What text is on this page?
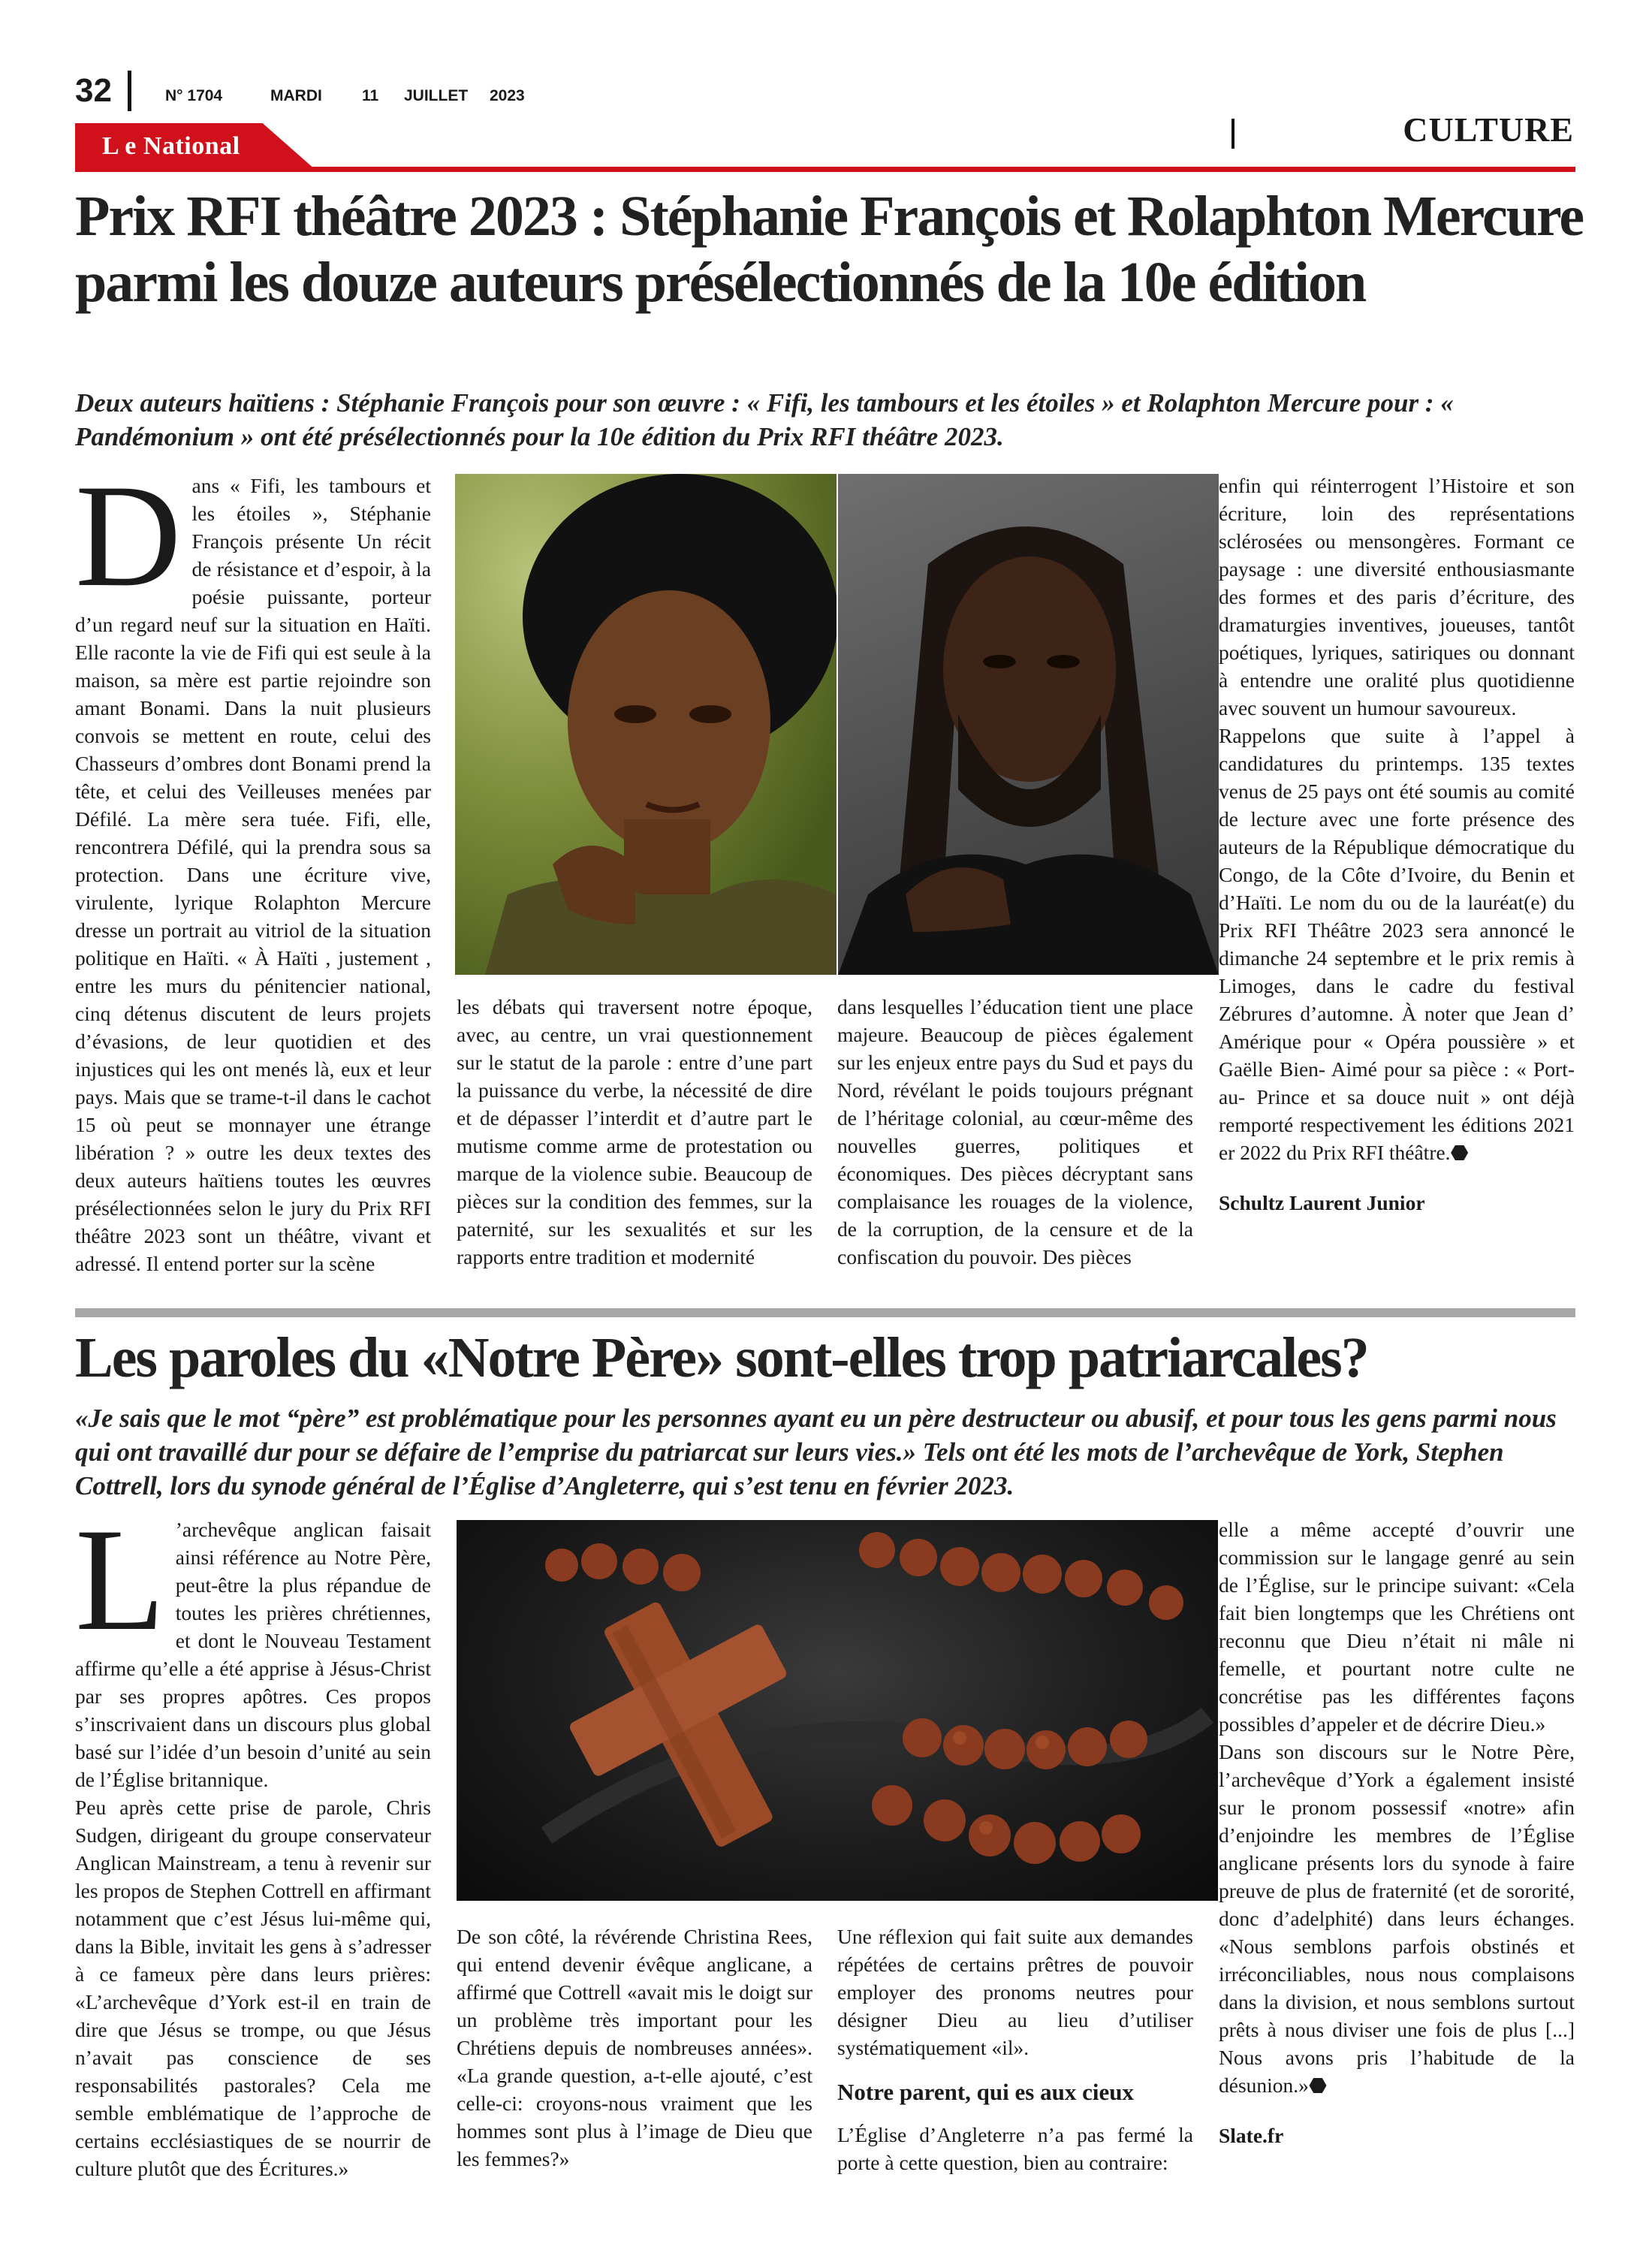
32	N° 1704	MARDI	11 JUILLET 2023
CULTURE
L e National
Prix RFI théâtre 2023 : Stéphanie François et Rolaphton Mercure parmi les douze auteurs présélectionnés de la 10e édition

Deux auteurs haïtiens : Stéphanie François pour son œuvre : « Fifi, les tambours et les étoiles » et Rolaphton Mercure pour : « Pandémonium » ont été présélectionnés pour la 10e édition du Prix RFI théâtre 2023.

Dans « Fifi, les tambours et les étoiles », Stéphanie François présente Un récit de résistance et d’espoir, à la poésie puissante, porteur d’un regard neuf sur la situation en Haïti. Elle raconte la vie de Fifi qui est seule à la maison, sa mère est partie rejoindre son amant Bonami. Dans la nuit plusieurs convois se mettent en route, celui des Chasseurs d’ombres dont Bonami prend la tête, et celui des Veilleuses menées par Défilé. La mère sera tuée. Fifi, elle, rencontrera Défilé, qui la prendra sous sa protection. Dans une écriture vive, virulente, lyrique Rolaphton Mercure dresse un portrait au vitriol de la situation politique en Haïti. « À Haïti , justement , entre les murs du pénitencier national, cinq détenus discutent de leurs projets d’évasions, de leur quotidien et des injustices qui les ont menés là, eux et leur pays. Mais que se trame-t-il dans le cachot 15 où peut se monnayer une étrange libération ? » outre les deux textes des deux auteurs haïtiens toutes les œuvres présélectionnées selon le jury du Prix RFI théâtre 2023 sont un théâtre, vivant et adressé. Il entend porter sur la scène

les débats qui traversent notre époque, avec, au centre, un vrai questionnement sur le statut de la parole : entre d’une part la puissance du verbe, la nécessité de dire et de dépasser l’interdit et d’autre part le mutisme comme arme de protestation ou marque de la violence subie. Beaucoup de pièces sur la condition des femmes, sur la paternité, sur les sexualités et sur les rapports entre tradition et modernité

dans lesquelles l’éducation tient une place majeure. Beaucoup de pièces également sur les enjeux entre pays du Sud et pays du Nord, révélant le poids toujours prégnant de l’héritage colonial, au cœur-même des nouvelles guerres, politiques et économiques. Des pièces décryptant sans complaisance les rouages de la violence, de la corruption, de la censure et de la confiscation du pouvoir. Des pièces

enfin qui réinterrogent l’Histoire et son écriture, loin des représentations sclérosées ou mensongères. Formant ce paysage : une diversité enthousiasmante des formes et des paris d’écriture, des dramaturgies inventives, joueuses, tantôt poétiques, lyriques, satiriques ou donnant à entendre une oralité plus quotidienne avec souvent un humour savoureux.

Rappelons que suite à l’appel à candidatures du printemps. 135 textes venus de 25 pays ont été soumis au comité de lecture avec une forte présence des auteurs de la République démocratique du Congo, de la Côte d’Ivoire, du Benin et d’Haïti. Le nom du ou de la lauréat(e) du Prix RFI Théâtre 2023 sera annoncé le dimanche 24 septembre et le prix remis à Limoges, dans le cadre du festival Zébrures d’automne. À noter que Jean d’ Amérique pour « Opéra poussière » et Gaëlle Bien- Aimé pour sa pièce : « Port- au- Prince et sa douce nuit » ont déjà remporté respectivement les éditions 2021 er 2022 du Prix RFI théâtre.⬣

Schultz Laurent Junior

Les paroles du «Notre Père» sont-elles trop patriarcales?

«Je sais que le mot “père” est problématique pour les personnes ayant eu un père destructeur ou abusif, et pour tous les gens parmi nous qui ont travaillé dur pour se défaire de l’emprise du patriarcat sur leurs vies.» Tels ont été les mots de l’archevêque de York, Stephen Cottrell, lors du synode général de l’Église d’Angleterre, qui s’est tenu en février 2023.

L ’archevêque anglican faisait ainsi référence au Notre Père, peut-être la plus répandue de toutes les prières chrétiennes, et dont le Nouveau Testament affirme qu’elle a été apprise à Jésus-Christ par ses propres apôtres. Ces propos s’inscrivaient dans un discours plus global basé sur l’idée d’un besoin d’unité au sein de l’Église britannique.

Peu après cette prise de parole, Chris Sudgen, dirigeant du groupe conservateur Anglican Mainstream, a tenu à revenir sur les propos de Stephen Cottrell en affirmant notamment que c’est Jésus lui-même qui, dans la Bible, invitait les gens à s’adresser à ce fameux père dans leurs prières: «L’archevêque d’York est-il en train de dire que Jésus se trompe, ou que Jésus n’avait pas conscience de ses responsabilités pastorales? Cela me semble emblématique de l’approche de certains ecclésiastiques de se nourrir de culture plutôt que des Écritures.»

De son côté, la révérende Christina Rees, qui entend devenir évêque anglicane, a affirmé que Cottrell «avait mis le doigt sur un problème très important pour les Chrétiens depuis de nombreuses années». «La grande question, a-t-elle ajouté, c’est celle-ci: croyons-nous vraiment que les hommes sont plus à l’image de Dieu que les femmes?»

Une réflexion qui fait suite aux demandes répétées de certains prêtres de pouvoir employer des pronoms neutres pour désigner Dieu au lieu d’utiliser systématiquement «il».

Notre parent, qui es aux cieux

L’Église d’Angleterre n’a pas fermé la porte à cette question, bien au contraire:

elle a même accepté d’ouvrir une commission sur le langage genré au sein de l’Église, sur le principe suivant: «Cela fait bien longtemps que les Chrétiens ont reconnu que Dieu n’était ni mâle ni femelle, et pourtant notre culte ne concrétise pas les différentes façons possibles d’appeler et de décrire Dieu.»

Dans son discours sur le Notre Père, l’archevêque d’York a également insisté sur le pronom possessif «notre» afin d’enjoindre les membres de l’Église anglicane présents lors du synode à faire preuve de plus de fraternité (et de sororité, donc d’adelphité) dans leurs échanges. «Nous semblons parfois obstinés et irréconciliables, nous nous complaisons dans la division, et nous semblons surtout prêts à nous diviser une fois de plus [...] Nous avons pris l’habitude de la désunion.»⬣

Slate.fr
